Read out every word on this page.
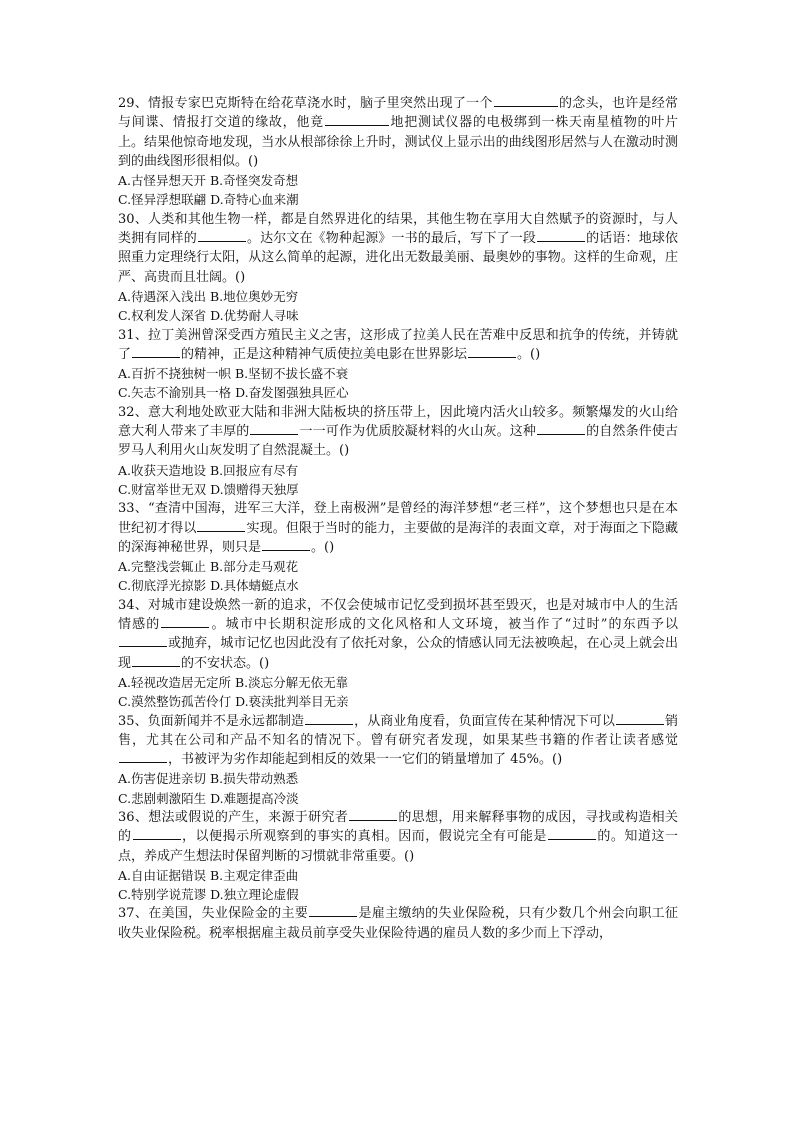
29、情报专家巴克斯特在给花草浇水时，脑子里突然出现了一个	的念头，也许是经常与间谍、情报打交道的缘故，他竟	地把测试仪器的电极绑到一株天南星植物的叶片上。结果他惊奇地发现，当水从根部徐徐上升时，测试仪上显示出的曲线图形居然与人在激动时测到的曲线图形很相似。()

A.古怪异想天开 B.奇怪突发奇想

C.怪异浮想联翩 D.奇特心血来潮

30、人类和其他生物一样，都是自然界进化的结果，其他生物在享用大自然赋予的资源时，与人类拥有同样的	。达尔文在《物种起源》一书的最后，写下了一段	的话语：地球依照重力定理绕行太阳，从这么简单的起源，进化出无数最美丽、最奥妙的事物。这样的生命观，庄严、高贵而且壮阔。()

A.待遇深入浅出 B.地位奥妙无穷

C.权利发人深省 D.优势耐人寻味

31、拉丁美洲曾深受西方殖民主义之害，这形成了拉美人民在苦难中反思和抗争的传统，并铸就了	的精神，正是这种精神气质使拉美电影在世界影坛	。()

A.百折不挠独树一帜 B.坚韧不拔长盛不衰

C.矢志不渝别具一格 D.奋发图强独具匠心

32、意大利地处欧亚大陆和非洲大陆板块的挤压带上，因此境内活火山较多。频繁爆发的火山给意大利人带来了丰厚的	一一可作为优质胶凝材料的火山灰。这种	的自然条件使古罗马人利用火山灰发明了自然混凝土。()

A.收获天造地设 B.回报应有尽有

C.财富举世无双 D.馈赠得天独厚

33、“查清中国海，进军三大洋，登上南极洲”是曾经的海洋梦想“老三样”，这个梦想也只是在本世纪初才得以	实现。但限于当时的能力，主要做的是海洋的表面文章，对于海面之下隐藏的深海神秘世界，则只是	。()

A.完整浅尝辄止 B.部分走马观花

C.彻底浮光掠影 D.具体蜻蜓点水

34、对城市建设焕然一新的追求，不仅会使城市记忆受到损坏甚至毁灭，也是对城市中人的生活情感的	。城市中长期积淀形成的文化风格和人文环境，被当作了“过时”的东西予以或抛弃，城市记忆也因此没有了依托对象，公众的情感认同无法被唤起，在心灵上就会出现	的不安状态。()

A.轻视改造居无定所 B.淡忘分解无依无靠

C.漠然整饬孤苦伶仃 D.亵渎批判举目无亲

35、负面新闻并不是永远都制造	，从商业角度看，负面宣传在某种情况下可以	销售，尤其在公司和产品不知名的情况下。曾有研究者发现，如果某些书籍的作者让读者感觉，书被评为劣作却能起到相反的效果一一它们的销量增加了 45%。()

A.伤害促进亲切 B.损失带动熟悉

C.悲剧刺激陌生 D.难题提高冷淡

36、想法或假说的产生，来源于研究者	的思想，用来解释事物的成因，寻找或构造相关的	，以便揭示所观察到的事实的真相。因而，假说完全有可能是	的。知道这一点，养成产生想法时保留判断的习惯就非常重要。()

A.自由证据错误 B.主观定律歪曲

C.特别学说荒谬 D.独立理论虚假

37、在美国，失业保险金的主要	是雇主缴纳的失业保险税，只有少数几个州会向职工征收失业保险税。税率根据雇主裁员前享受失业保险待遇的雇员人数的多少而上下浮动，
